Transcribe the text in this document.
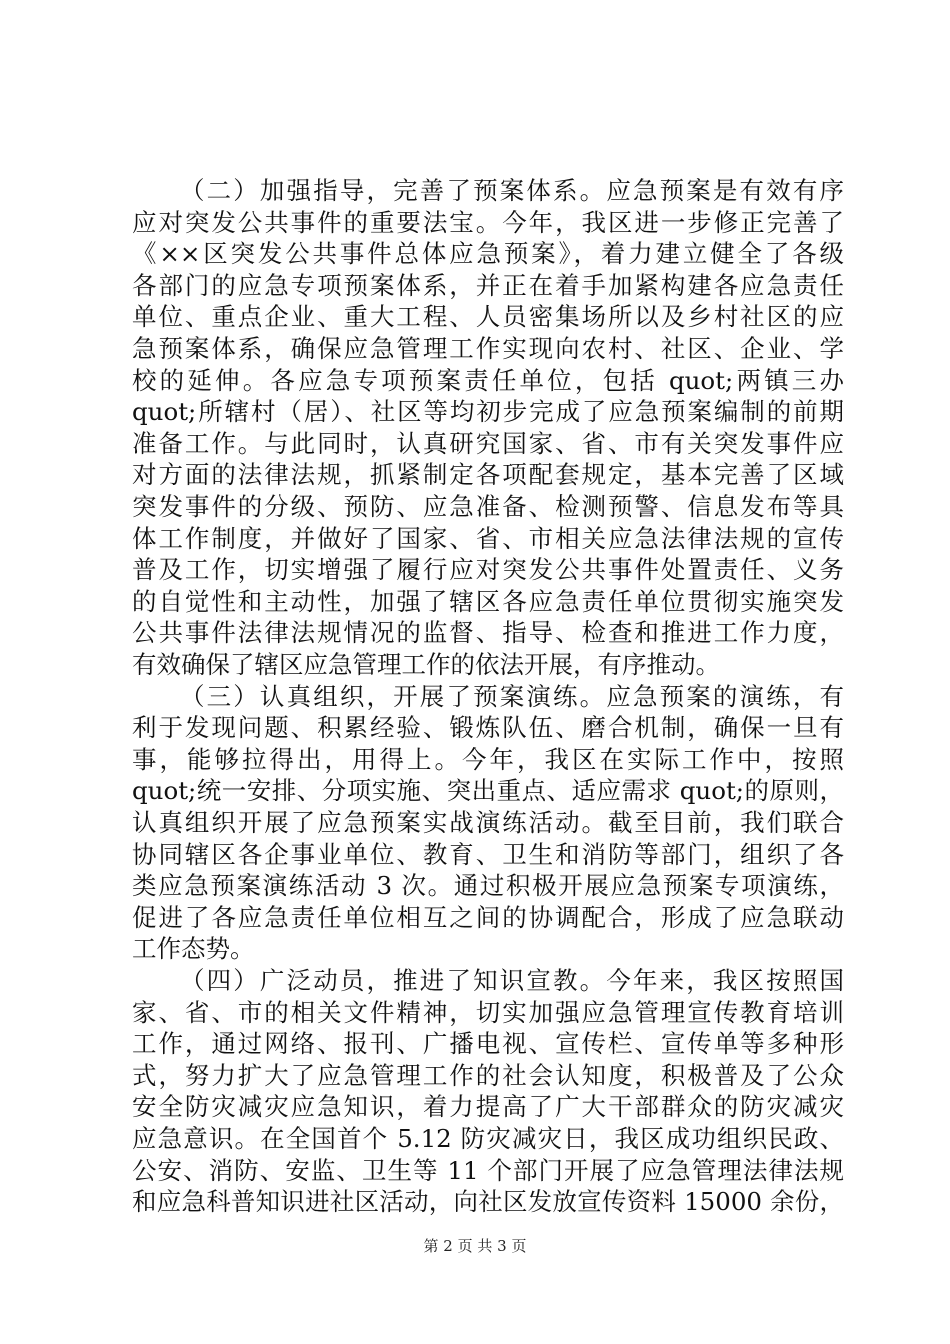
（二）加强指导，完善了预案体系。应急预案是有效有序
应对突发公共事件的重要法宝。今年，我区进一步修正完善了
《××区突发公共事件总体应急预案》，着力建立健全了各级
各部门的应急专项预案体系，并正在着手加紧构建各应急责任
单位、重点企业、重大工程、人员密集场所以及乡村社区的应
急预案体系，确保应急管理工作实现向农村、社区、企业、学
校的延伸。各应急专项预案责任单位，包括 quot;两镇三办
quot;所辖村（居）、社区等均初步完成了应急预案编制的前期
准备工作。与此同时，认真研究国家、省、市有关突发事件应
对方面的法律法规，抓紧制定各项配套规定，基本完善了区域
突发事件的分级、预防、应急准备、检测预警、信息发布等具
体工作制度，并做好了国家、省、市相关应急法律法规的宣传
普及工作，切实增强了履行应对突发公共事件处置责任、义务
的自觉性和主动性，加强了辖区各应急责任单位贯彻实施突发
公共事件法律法规情况的监督、指导、检查和推进工作力度，
有效确保了辖区应急管理工作的依法开展，有序推动。
（三）认真组织，开展了预案演练。应急预案的演练，有
利于发现问题、积累经验、锻炼队伍、磨合机制，确保一旦有
事，能够拉得出，用得上。今年，我区在实际工作中，按照
quot;统一安排、分项实施、突出重点、适应需求 quot;的原则，
认真组织开展了应急预案实战演练活动。截至目前，我们联合
协同辖区各企事业单位、教育、卫生和消防等部门，组织了各
类应急预案演练活动 3 次。通过积极开展应急预案专项演练，
促进了各应急责任单位相互之间的协调配合，形成了应急联动
工作态势。
（四）广泛动员，推进了知识宣教。今年来，我区按照国
家、省、市的相关文件精神，切实加强应急管理宣传教育培训
工作，通过网络、报刊、广播电视、宣传栏、宣传单等多种形
式，努力扩大了应急管理工作的社会认知度，积极普及了公众
安全防灾减灾应急知识，着力提高了广大干部群众的防灾减灾
应急意识。在全国首个 5.12 防灾减灾日，我区成功组织民政、
公安、消防、安监、卫生等 11 个部门开展了应急管理法律法规
和应急科普知识进社区活动，向社区发放宣传资料 15000 余份，
第 2 页 共 3 页
